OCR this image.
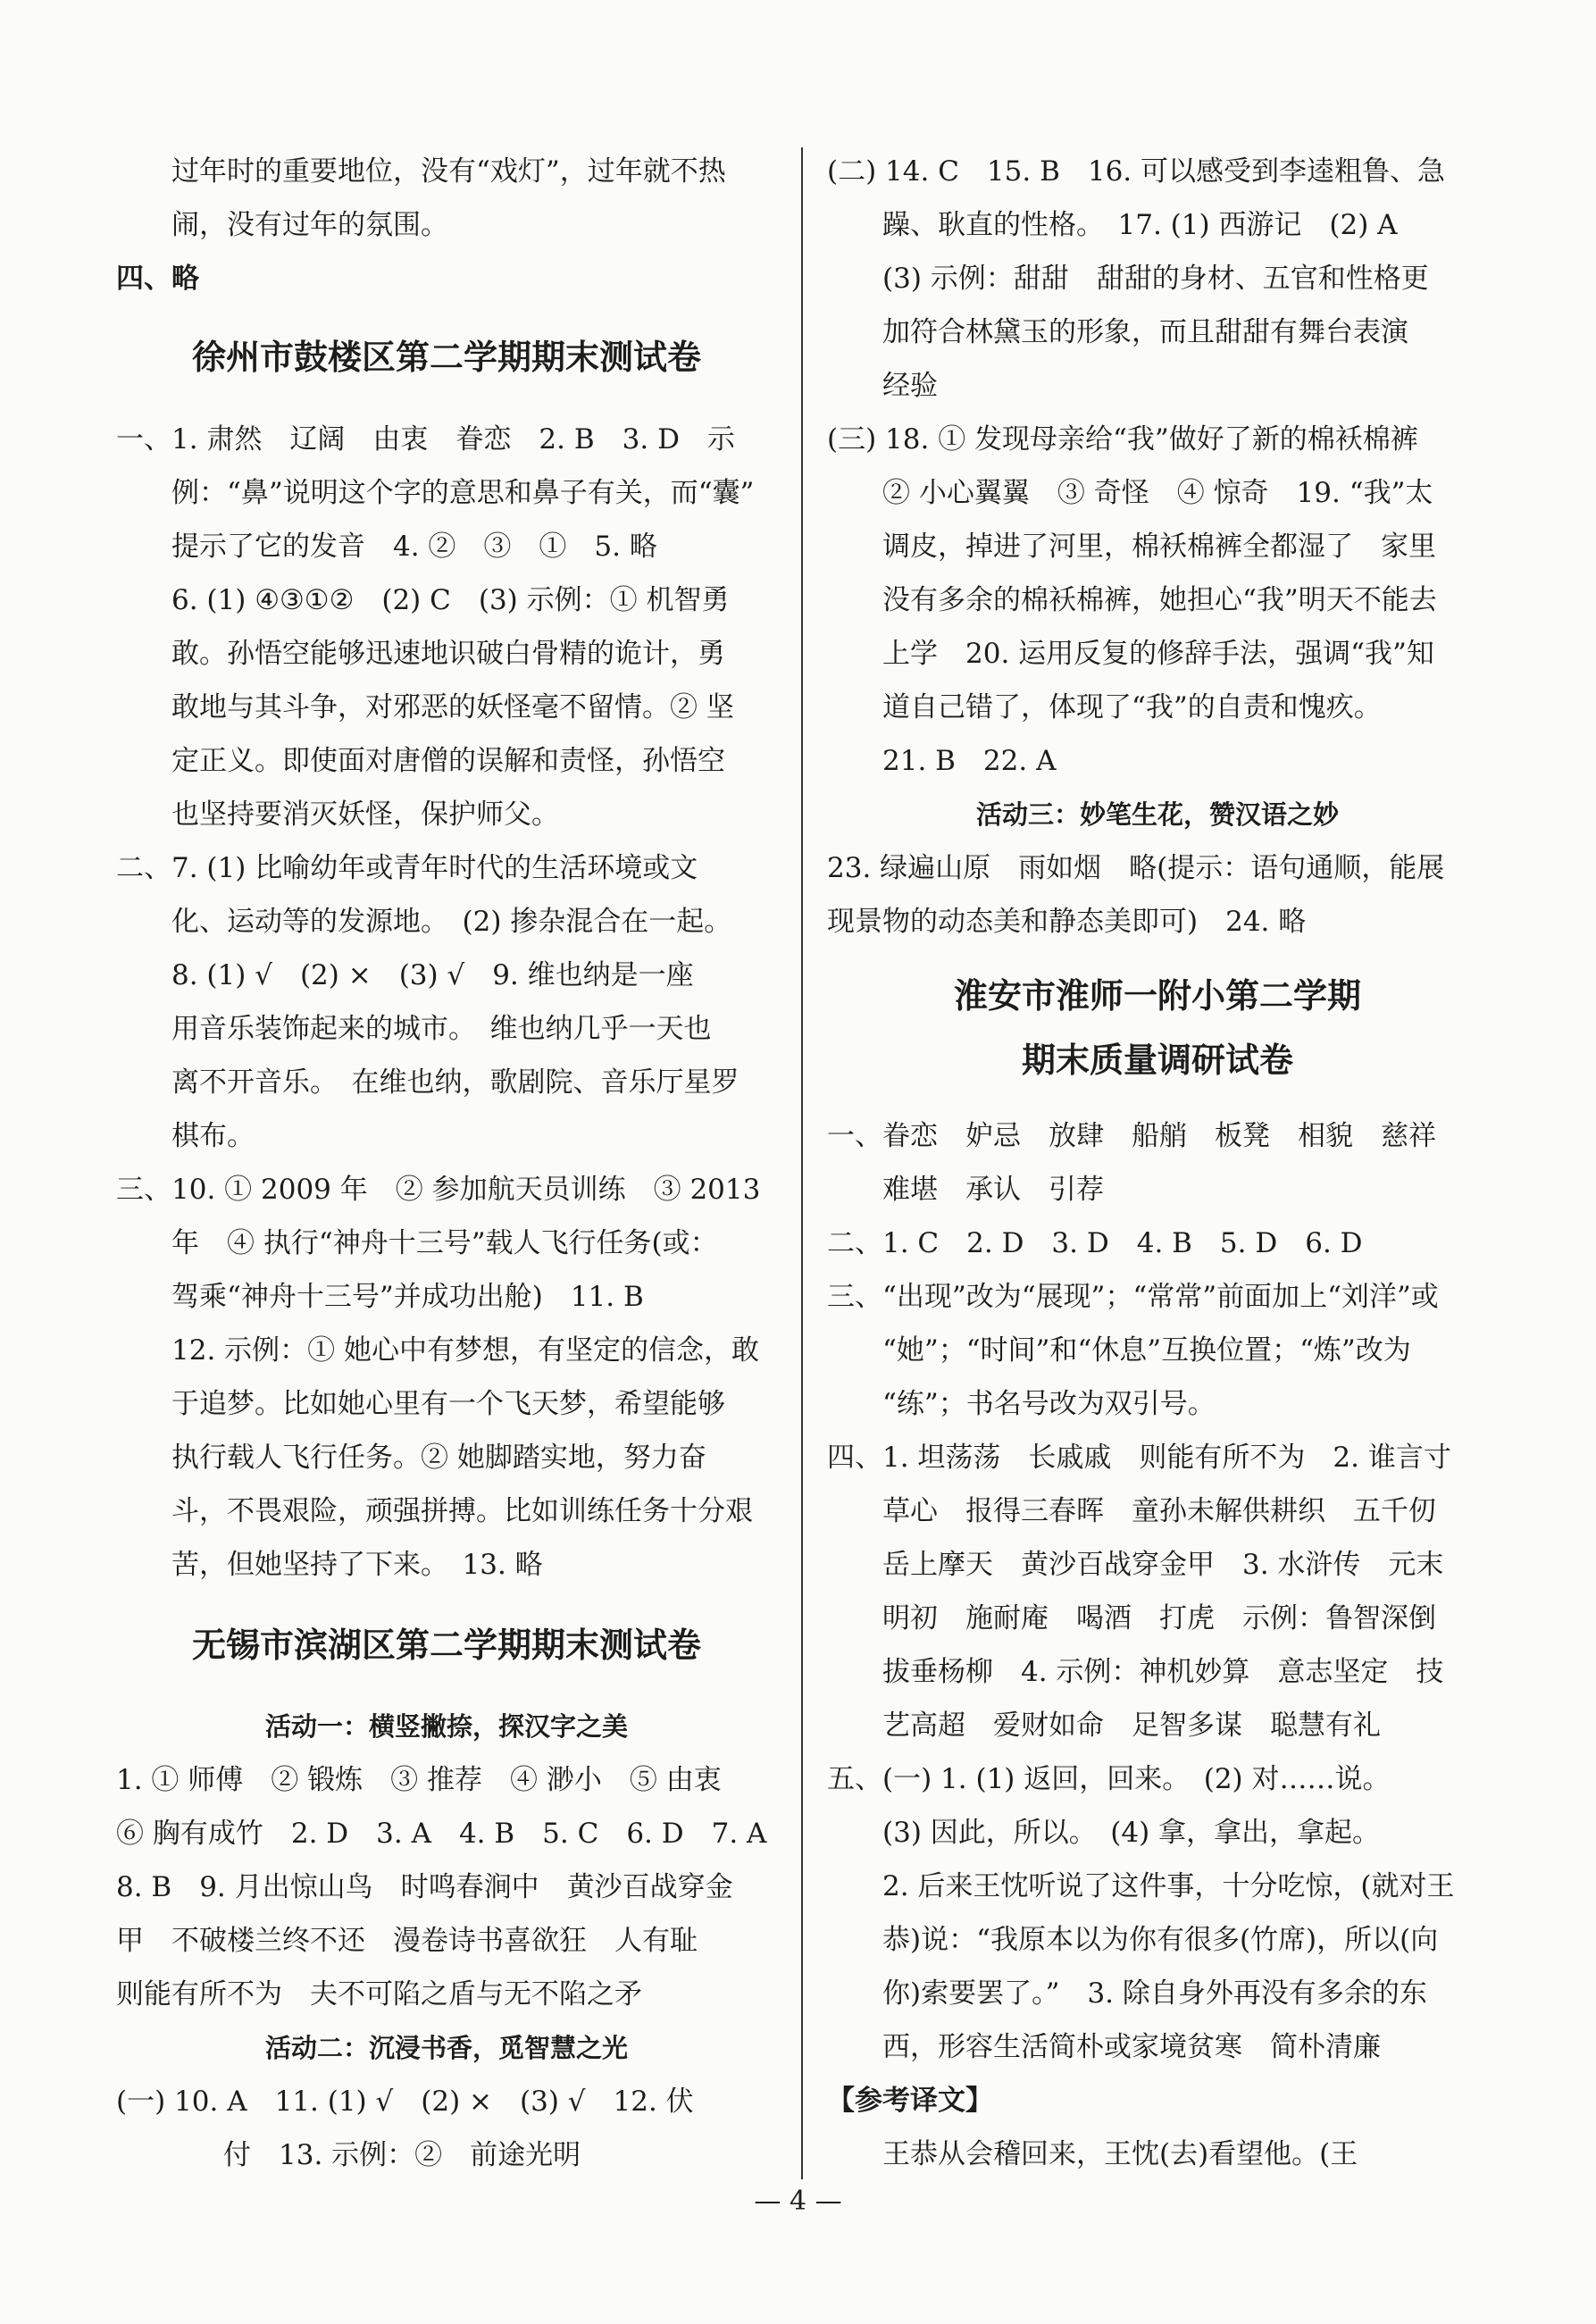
过年时的重要地位，没有“戏灯”，过年就不热
闹，没有过年的氛围。
四、略
徐州市鼓楼区第二学期期末测试卷
一、1. 肃然　辽阔　由衷　眷恋　2. B　3. D　示
例：“鼻”说明这个字的意思和鼻子有关，而“囊”
提示了它的发音　4. ②　③　①　5. 略
6. (1) ④③①②　(2) C　(3) 示例：① 机智勇
敢。孙悟空能够迅速地识破白骨精的诡计，勇
敢地与其斗争，对邪恶的妖怪毫不留情。② 坚
定正义。即使面对唐僧的误解和责怪，孙悟空
也坚持要消灭妖怪，保护师父。
二、7. (1) 比喻幼年或青年时代的生活环境或文
化、运动等的发源地。　(2) 掺杂混合在一起。
8. (1) √　(2) ×　(3) √　9. 维也纳是一座
用音乐装饰起来的城市。　维也纳几乎一天也
离不开音乐。　在维也纳，歌剧院、音乐厅星罗
棋布。
三、10. ① 2009 年　② 参加航天员训练　③ 2013
年　④ 执行“神舟十三号”载人飞行任务(或：
驾乘“神舟十三号”并成功出舱)　11. B
12. 示例：① 她心中有梦想，有坚定的信念，敢
于追梦。比如她心里有一个飞天梦，希望能够
执行载人飞行任务。② 她脚踏实地，努力奋
斗，不畏艰险，顽强拼搏。比如训练任务十分艰
苦，但她坚持了下来。　13. 略
无锡市滨湖区第二学期期末测试卷
活动一：横竖撇捺，探汉字之美
1. ① 师傅　② 锻炼　③ 推荐　④ 渺小　⑤ 由衷
⑥ 胸有成竹　2. D　3. A　4. B　5. C　6. D　7. A
8. B　9. 月出惊山鸟　时鸣春涧中　黄沙百战穿金
甲　不破楼兰终不还　漫卷诗书喜欲狂　人有耻
则能有所不为　夫不可陷之盾与无不陷之矛
活动二：沉浸书香，觅智慧之光
(一) 10. A　11. (1) √　(2) ×　(3) √　12. 伏
付　13. 示例：②　前途光明
(二) 14. C　15. B　16. 可以感受到李逵粗鲁、急
躁、耿直的性格。　17. (1) 西游记　(2) A
(3) 示例：甜甜　甜甜的身材、五官和性格更
加符合林黛玉的形象，而且甜甜有舞台表演
经验
(三) 18. ① 发现母亲给“我”做好了新的棉袄棉裤
② 小心翼翼　③ 奇怪　④ 惊奇　19. “我”太
调皮，掉进了河里，棉袄棉裤全都湿了　家里
没有多余的棉袄棉裤，她担心“我”明天不能去
上学　20. 运用反复的修辞手法，强调“我”知
道自己错了，体现了“我”的自责和愧疚。
21. B　22. A
活动三：妙笔生花，赞汉语之妙
23. 绿遍山原　雨如烟　略(提示：语句通顺，能展
现景物的动态美和静态美即可)　24. 略
淮安市淮师一附小第二学期
期末质量调研试卷
一、眷恋　妒忌　放肆　船艄　板凳　相貌　慈祥
难堪　承认　引荐
二、1. C　2. D　3. D　4. B　5. D　6. D
三、“出现”改为“展现”；“常常”前面加上“刘洋”或
“她”；“时间”和“休息”互换位置；“炼”改为
“练”；书名号改为双引号。
四、1. 坦荡荡　长戚戚　则能有所不为　2. 谁言寸
草心　报得三春晖　童孙未解供耕织　五千仞
岳上摩天　黄沙百战穿金甲　3. 水浒传　元末
明初　施耐庵　喝酒　打虎　示例：鲁智深倒
拔垂杨柳　4. 示例：神机妙算　意志坚定　技
艺高超　爱财如命　足智多谋　聪慧有礼
五、(一) 1. (1) 返回，回来。　(2) 对……说。
(3) 因此，所以。　(4) 拿，拿出，拿起。
2. 后来王忱听说了这件事，十分吃惊，(就对王
恭)说：“我原本以为你有很多(竹席)，所以(向
你)索要罢了。”　3. 除自身外再没有多余的东
西，形容生活简朴或家境贫寒　简朴清廉
【参考译文】
王恭从会稽回来，王忱(去)看望他。(王
— 4 —
